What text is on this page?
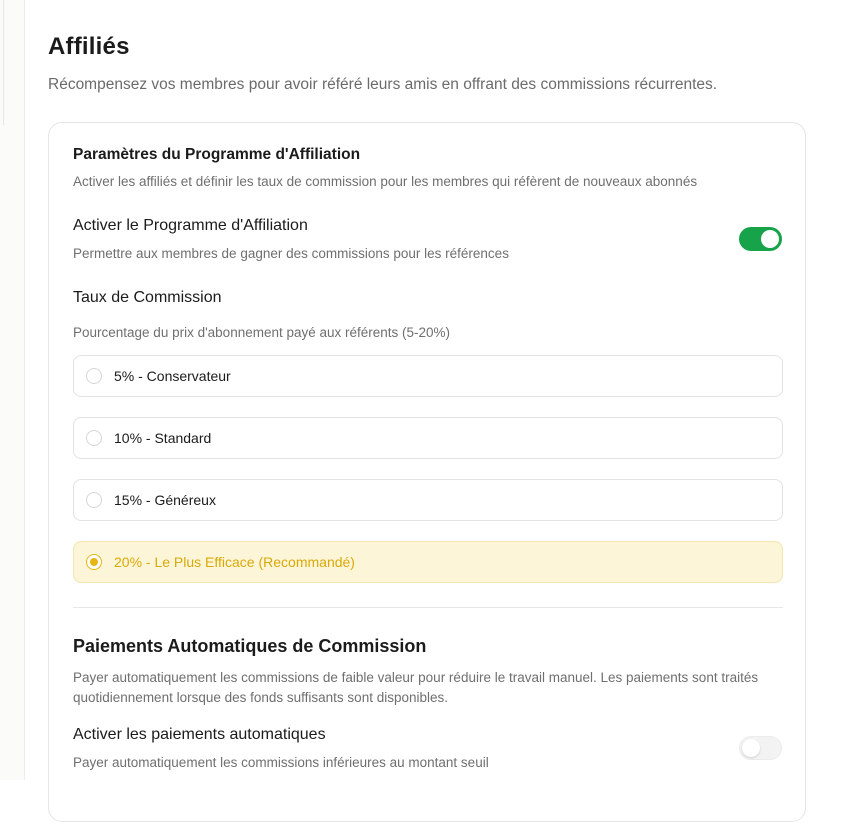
Affiliés
Récompensez vos membres pour avoir référé leurs amis en offrant des commissions récurrentes.
Paramètres du Programme d'Affiliation
Activer les affiliés et définir les taux de commission pour les membres qui réfèrent de nouveaux abonnés
Activer le Programme d'Affiliation
Permettre aux membres de gagner des commissions pour les références
Taux de Commission
Pourcentage du prix d'abonnement payé aux référents (5-20%)
5% - Conservateur
10% - Standard
15% - Généreux
20% - Le Plus Efficace (Recommandé)
Paiements Automatiques de Commission
Payer automatiquement les commissions de faible valeur pour réduire le travail manuel. Les paiements sont traités quotidiennement lorsque des fonds suffisants sont disponibles.
Activer les paiements automatiques
Payer automatiquement les commissions inférieures au montant seuil
